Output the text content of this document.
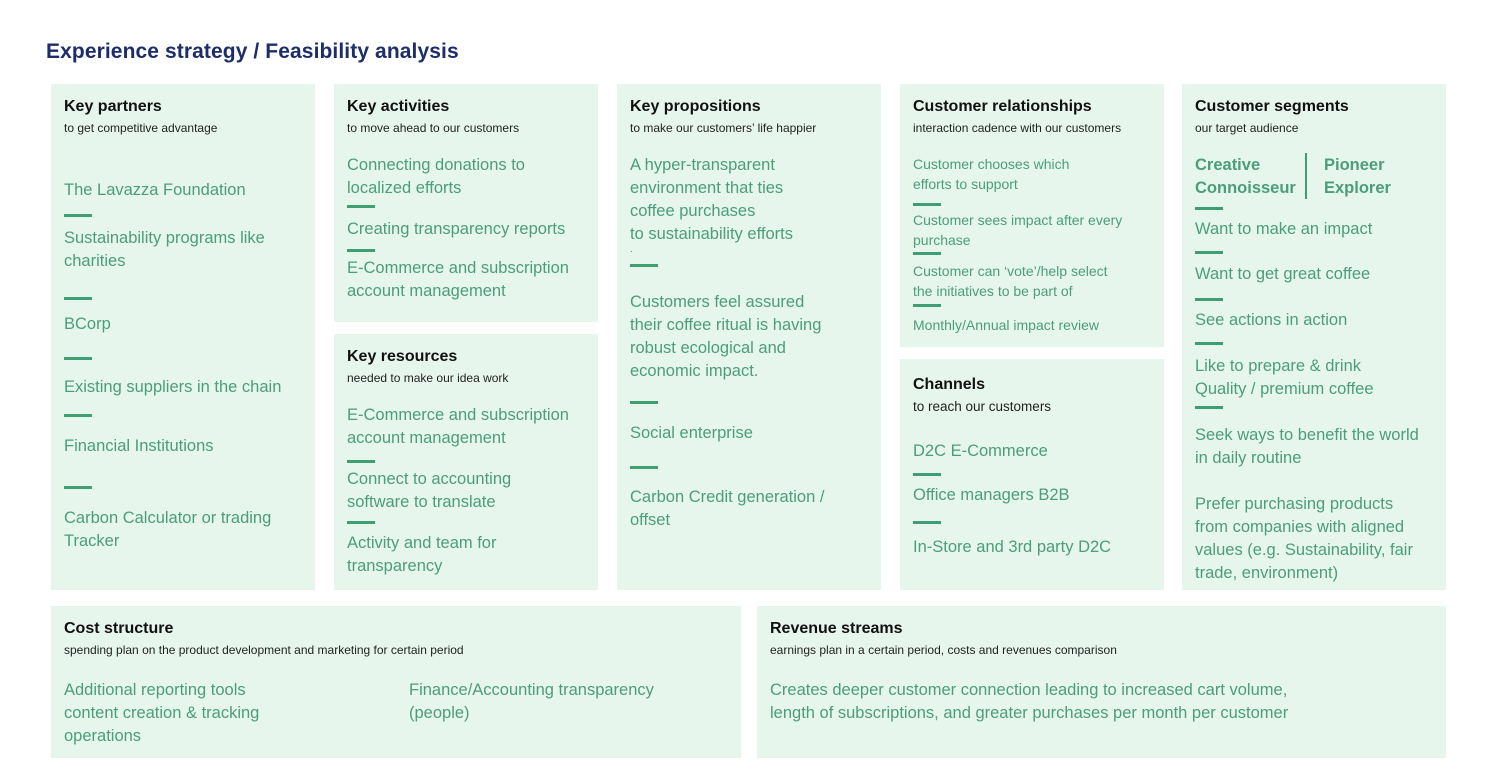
Experience strategy / Feasibility analysis
Key partners
to get competitive advantage
The Lavazza Foundation
Sustainability programs like
charities
BCorp
Existing suppliers in the chain
Financial Institutions
Carbon Calculator or trading
Tracker
Key activities
to move ahead to our customers
Connecting donations to
localized efforts
Creating transparency reports
E-Commerce and subscription
account management
Key resources
needed to make our idea work
E-Commerce and subscription
account management
Connect to accounting
software to translate
Activity and team for
transparency
Key propositions
to make our customers’ life happier
A hyper-transparent
environment that ties
coffee purchases
to sustainability efforts
.
Customers feel assured
their coffee ritual is having
robust ecological and
economic impact.
Social enterprise
Carbon Credit generation /
offset
Customer relationships
interaction cadence with our customers
Customer chooses which
efforts to support
Customer sees impact after every
purchase
Customer can ‘vote’/help select
the initiatives to be part of
Monthly/Annual impact review
Channels
to reach our customers
D2C E-Commerce
Office managers B2B
In-Store and 3rd party D2C
Customer segments
our target audience
Creative
Connoisseur
Pioneer
Explorer
Want to make an impact
Want to get great coffee
See actions in action
Like to prepare & drink
Quality / premium coffee
Seek ways to benefit the world
in daily routine
Prefer purchasing products
from companies with aligned
values (e.g. Sustainability, fair
trade, environment)
Cost structure
spending plan on the product development and marketing for certain period
Additional reporting tools
content creation & tracking
operations
Finance/Accounting transparency
(people)
Revenue streams
earnings plan in a certain period, costs and revenues comparison
Creates deeper customer connection leading to increased cart volume,
length of subscriptions, and greater purchases per month per customer
